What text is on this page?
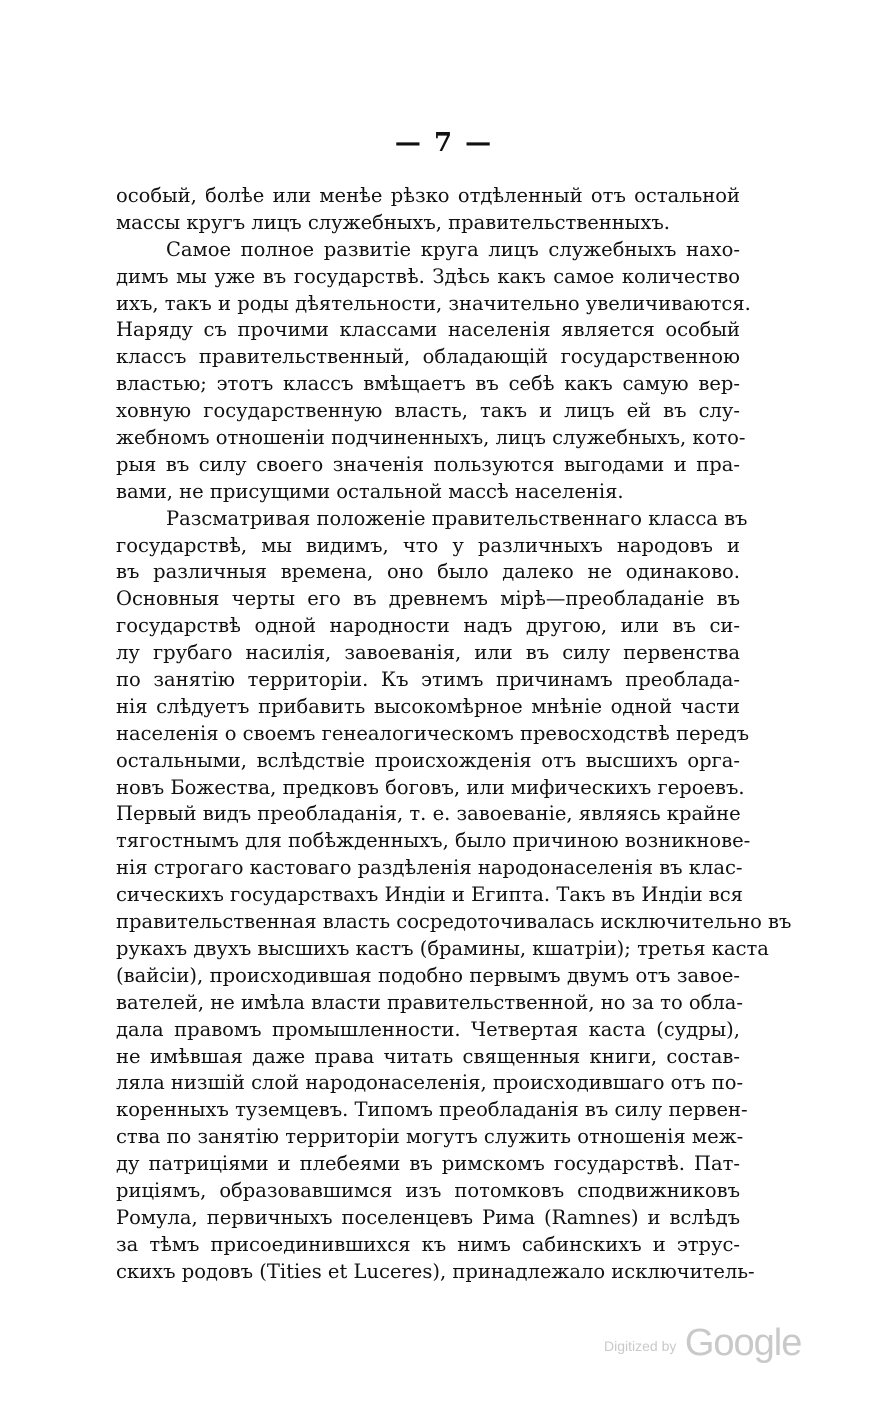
— 7 —
особый, болѣе или менѣе рѣзко отдѣленный отъ остальной
массы кругъ лицъ служебныхъ, правительственныхъ.
Самое полное развитіе круга лицъ служебныхъ нахо-
димъ мы уже въ государствѣ. Здѣсь какъ самое количество
ихъ, такъ и роды дѣятельности, значительно увеличиваются.
Наряду съ прочими классами населенія является особый
классъ правительственный, обладающій государственною
властью; этотъ классъ вмѣщаетъ въ себѣ какъ самую вер-
ховную государственную власть, такъ и лицъ ей въ слу-
жебномъ отношеніи подчиненныхъ, лицъ служебныхъ, кото-
рыя въ силу своего значенія пользуются выгодами и пра-
вами, не присущими остальной массѣ населенія.
Разсматривая положеніе правительственнаго класса въ
государствѣ, мы видимъ, что у различныхъ народовъ и
въ различныя времена, оно было далеко не одинаково.
Основныя черты его въ древнемъ мірѣ—преобладаніе въ
государствѣ одной народности надъ другою, или въ си-
лу грубаго насилія, завоеванія, или въ силу первенства
по занятію территоріи. Къ этимъ причинамъ преоблада-
нія слѣдуетъ прибавить высокомѣрное мнѣніе одной части
населенія о своемъ генеалогическомъ превосходствѣ передъ
остальными, вслѣдствіе происхожденія отъ высшихъ орга-
новъ Божества, предковъ боговъ, или мифическихъ героевъ.
Первый видъ преобладанія, т. е. завоеваніе, являясь крайне
тягостнымъ для побѣжденныхъ, было причиною возникнове-
нія строгаго кастоваго раздѣленія народонаселенія въ клас-
сическихъ государствахъ Индіи и Египта. Такъ въ Индіи вся
правительственная власть сосредоточивалась исключительно въ
рукахъ двухъ высшихъ кастъ (брамины, кшатріи); третья каста
(вайсіи), происходившая подобно первымъ двумъ отъ завое-
вателей, не имѣла власти правительственной, но за то обла-
дала правомъ промышленности. Четвертая каста (судры),
не имѣвшая даже права читать священныя книги, состав-
ляла низшій слой народонаселенія, происходившаго отъ по-
коренныхъ туземцевъ. Типомъ преобладанія въ силу первен-
ства по занятію территоріи могутъ служить отношенія меж-
ду патриціями и плебеями въ римскомъ государствѣ. Пат-
риціямъ, образовавшимся изъ потомковъ сподвижниковъ
Ромула, первичныхъ поселенцевъ Рима (Ramnes) и вслѣдъ
за тѣмъ присоединившихся къ нимъ сабинскихъ и этрус-
скихъ родовъ (Tities et Luceres), принадлежало исключитель-
Digitized by Google
